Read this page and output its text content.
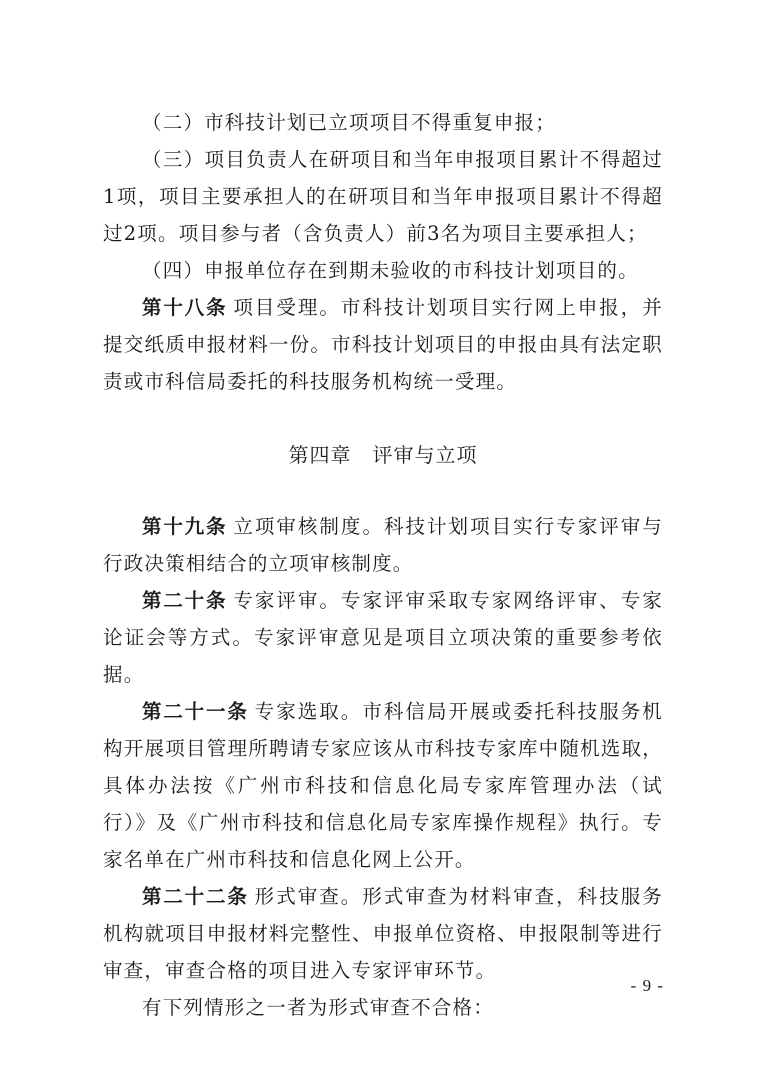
（二）市科技计划已立项项目不得重复申报；

（三）项目负责人在研项目和当年申报项目累计不得超过1项，项目主要承担人的在研项目和当年申报项目累计不得超过2项。项目参与者（含负责人）前3名为项目主要承担人；

（四）申报单位存在到期未验收的市科技计划项目的。

第十八条 项目受理。市科技计划项目实行网上申报，并提交纸质申报材料一份。市科技计划项目的申报由具有法定职责或市科信局委托的科技服务机构统一受理。

第四章　评审与立项

第十九条 立项审核制度。科技计划项目实行专家评审与行政决策相结合的立项审核制度。

第二十条 专家评审。专家评审采取专家网络评审、专家论证会等方式。专家评审意见是项目立项决策的重要参考依据。

第二十一条 专家选取。市科信局开展或委托科技服务机构开展项目管理所聘请专家应该从市科技专家库中随机选取，具体办法按《广州市科技和信息化局专家库管理办法（试行）》及《广州市科技和信息化局专家库操作规程》执行。专家名单在广州市科技和信息化网上公开。

第二十二条 形式审查。形式审查为材料审查，科技服务机构就项目申报材料完整性、申报单位资格、申报限制等进行审查，审查合格的项目进入专家评审环节。

有下列情形之一者为形式审查不合格：

- 9 -
